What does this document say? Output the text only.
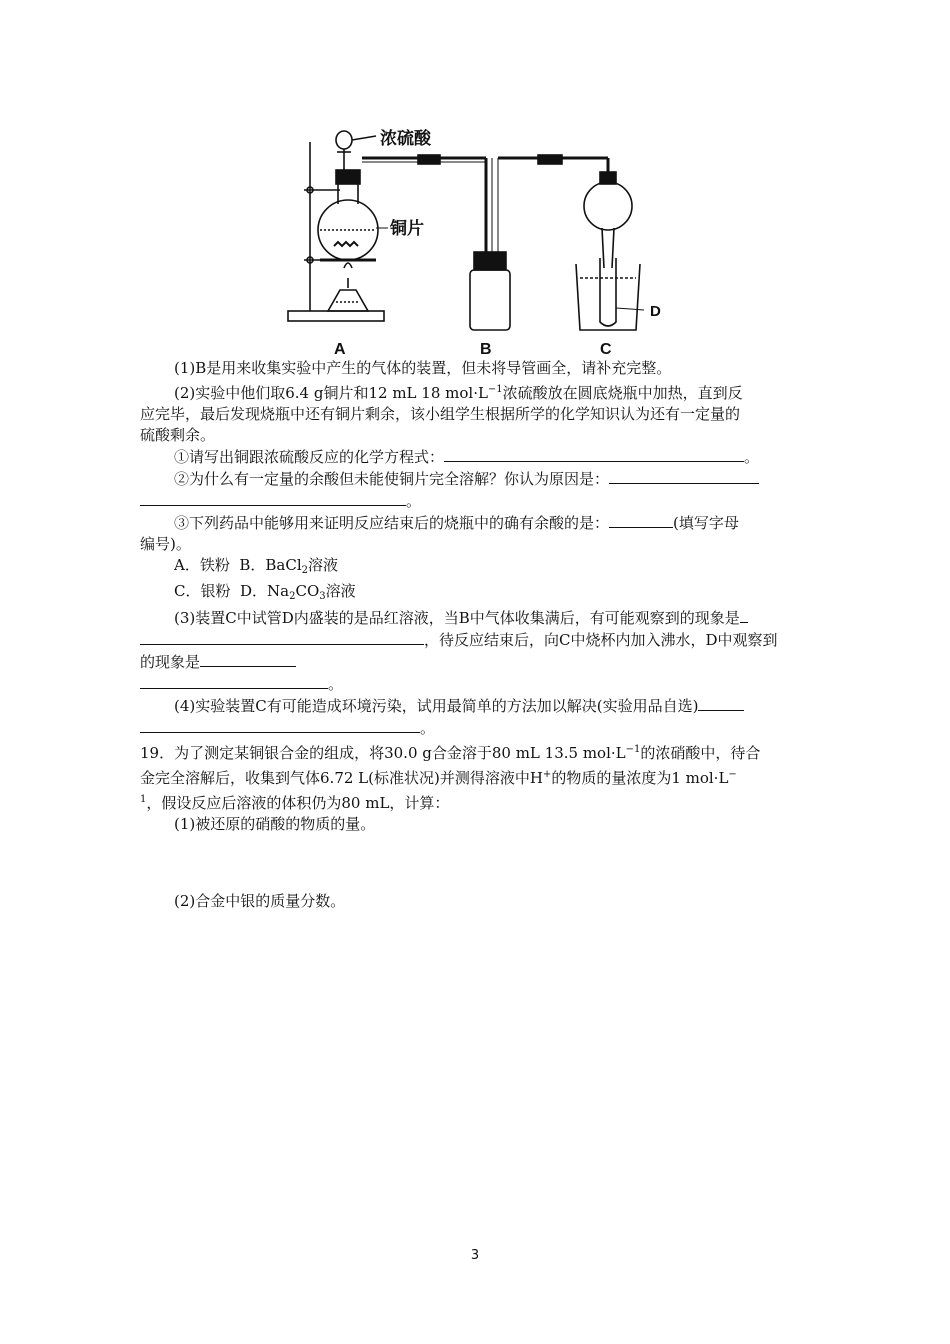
浓硫酸
铜片
A	B	C
D

(1)B是用来收集实验中产生的气体的装置，但未将导管画全，请补充完整。

(2)实验中他们取6.4 g铜片和12 mL 18 $mol\cdot L^{-1}$浓硫酸放在圆底烧瓶中加热，直到反

应完毕，最后发现烧瓶中还有铜片剩余，该小组学生根据所学的化学知识认为还有一定量的

硫酸剩余。

①请写出铜跟浓硫酸反应的化学方程式：	。

②为什么有一定量的余酸但未能使铜片完全溶解？你认为原因是：

。

③下列药品中能够用来证明反应结束后的烧瓶中的确有余酸的是：	(填写字母

编号)。

A．铁粉 B．BaCl$_2$溶液

C．银粉 D．$Na_2CO_3$溶液

(3)装置C中试管D内盛装的是品红溶液，当B中气体收集满后，有可能观察到的现象是

，待反应结束后，向C中烧杯内加入沸水，D中观察到

的现象是

。

(4)实验装置C有可能造成环境污染，试用最简单的方法加以解决(实验用品自选)

。

19．为了测定某铜银合金的组成，将30.0 g合金溶于80 mL 13.5 $mol\cdot L^{-1}$的浓硝酸中，待合

金完全溶解后，收集到气体6.72 L(标准状况)并测得溶液中H+的物质的量浓度为1 mol·L−

$^1$，假设反应后溶液的体积仍为80 mL，计算：

(1)被还原的硝酸的物质的量。

(2)合金中银的质量分数。

3
